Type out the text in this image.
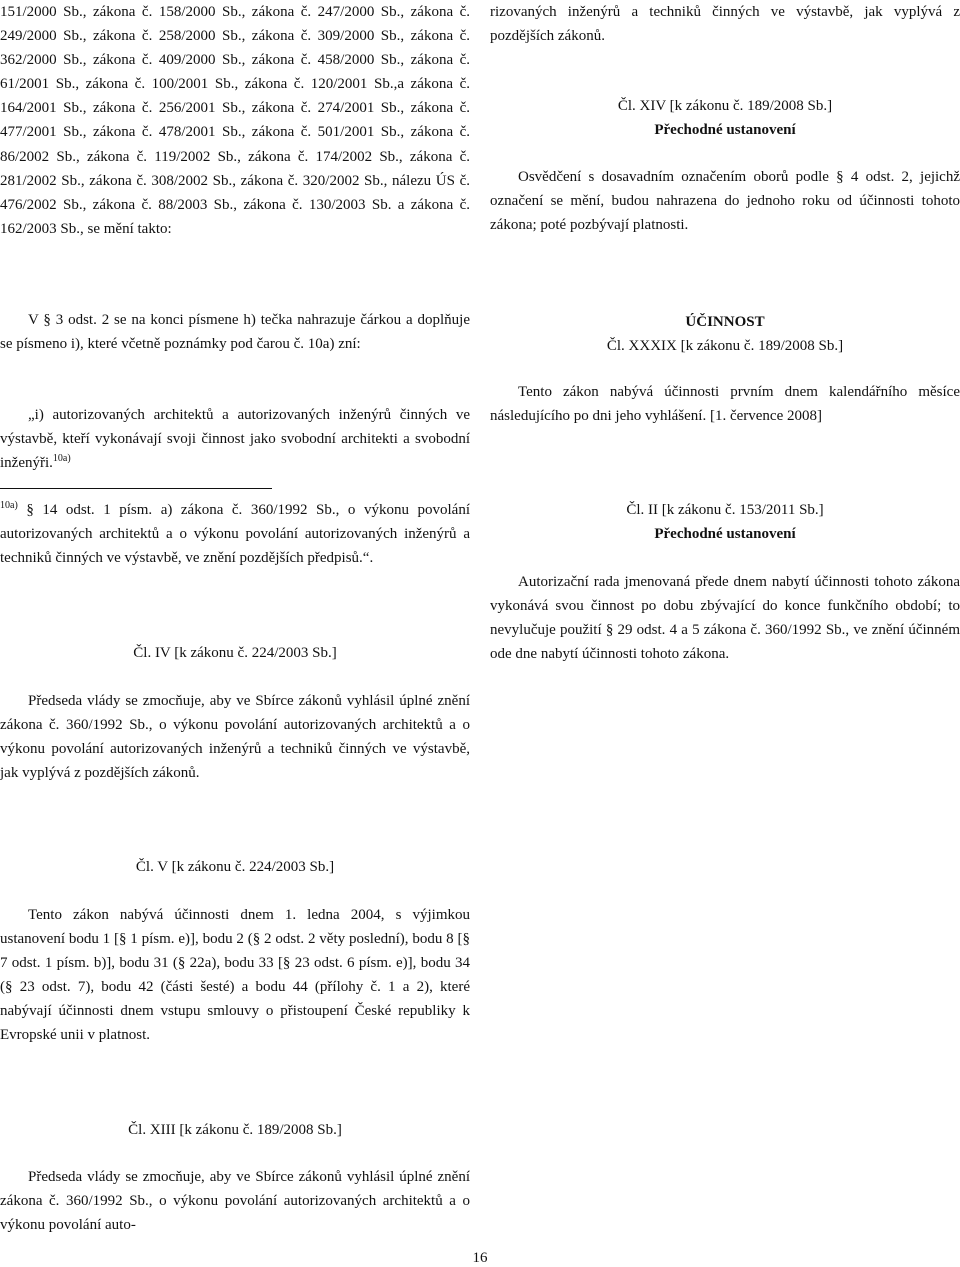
151/2000 Sb., zákona č. 158/2000 Sb., zákona č. 247/2000 Sb., zákona č. 249/2000 Sb., zákona č. 258/2000 Sb., zákona č. 309/2000 Sb., zákona č. 362/2000 Sb., zákona č. 409/2000 Sb., zákona č. 458/2000 Sb., zákona č. 61/2001 Sb., zákona č. 100/2001 Sb., zákona č. 120/2001 Sb.,a zákona č. 164/2001 Sb., zákona č. 256/2001 Sb., zákona č. 274/2001 Sb., zákona č. 477/2001 Sb., zákona č. 478/2001 Sb., zákona č. 501/2001 Sb., zákona č. 86/2002 Sb., zákona č. 119/2002 Sb., zákona č. 174/2002 Sb., zákona č. 281/2002 Sb., zákona č. 308/2002 Sb., zákona č. 320/2002 Sb., nálezu ÚS č. 476/2002 Sb., zákona č. 88/2003 Sb., zákona č. 130/2003 Sb. a zákona č. 162/2003 Sb., se mění takto:
V § 3 odst. 2 se na konci písmene h) tečka nahrazuje čárkou a doplňuje se písmeno i), které včetně poznámky pod čarou č. 10a) zní:
„i) autorizovaných architektů a autorizovaných inženýrů činných ve výstavbě, kteří vykonávají svoji činnost jako svobodní architekti a svobodní inženýři.$^{10a)}$
$^{10a)}$ § 14 odst. 1 písm. a) zákona č. 360/1992 Sb., o výkonu povolání autorizovaných architektů a o výkonu povolání autorizovaných inženýrů a techniků činných ve výstavbě, ve znění pozdějších předpisů.“.
Čl. IV [k zákonu č. 224/2003 Sb.]
Předseda vlády se zmocňuje, aby ve Sbírce zákonů vyhlásil úplné znění zákona č. 360/1992 Sb., o výkonu povolání autorizovaných architektů a o výkonu povolání autorizovaných inženýrů a techniků činných ve výstavbě, jak vyplývá z pozdějších zákonů.
Čl. V [k zákonu č. 224/2003 Sb.]
Tento zákon nabývá účinnosti dnem 1. ledna 2004, s výjimkou ustanovení bodu 1 [§ 1 písm. e)], bodu 2 (§ 2 odst. 2 věty poslední), bodu 8 [§ 7 odst. 1 písm. b)], bodu 31 (§ 22a), bodu 33 [§ 23 odst. 6 písm. e)], bodu 34 (§ 23 odst. 7), bodu 42 (části šesté) a bodu 44 (přílohy č. 1 a 2), které nabývají účinnosti dnem vstupu smlouvy o přistoupení České republiky k Evropské unii v platnost.
Čl. XIII [k zákonu č. 189/2008 Sb.]
Předseda vlády se zmocňuje, aby ve Sbírce zákonů vyhlásil úplné znění zákona č. 360/1992 Sb., o výkonu povolání autorizovaných architektů a o výkonu povolání auto-
rizovaných inženýrů a techniků činných ve výstavbě, jak vyplývá z pozdějších zákonů.
Čl. XIV [k zákonu č. 189/2008 Sb.]
Přechodné ustanovení
Osvědčení s dosavadním označením oborů podle § 4 odst. 2, jejichž označení se mění, budou nahrazena do jednoho roku od účinnosti tohoto zákona; poté pozbývají platnosti.
ÚČINNOST
Čl. XXXIX [k zákonu č. 189/2008 Sb.]
Tento zákon nabývá účinnosti prvním dnem kalendářního měsíce následujícího po dni jeho vyhlášení. [1. července 2008]
Čl. II [k zákonu č. 153/2011 Sb.]
Přechodné ustanovení
Autorizační rada jmenovaná přede dnem nabytí účinnosti tohoto zákona vykonává svou činnost po dobu zbývající do konce funkčního období; to nevylučuje použití § 29 odst. 4 a 5 zákona č. 360/1992 Sb., ve znění účinném ode dne nabytí účinnosti tohoto zákona.
16
